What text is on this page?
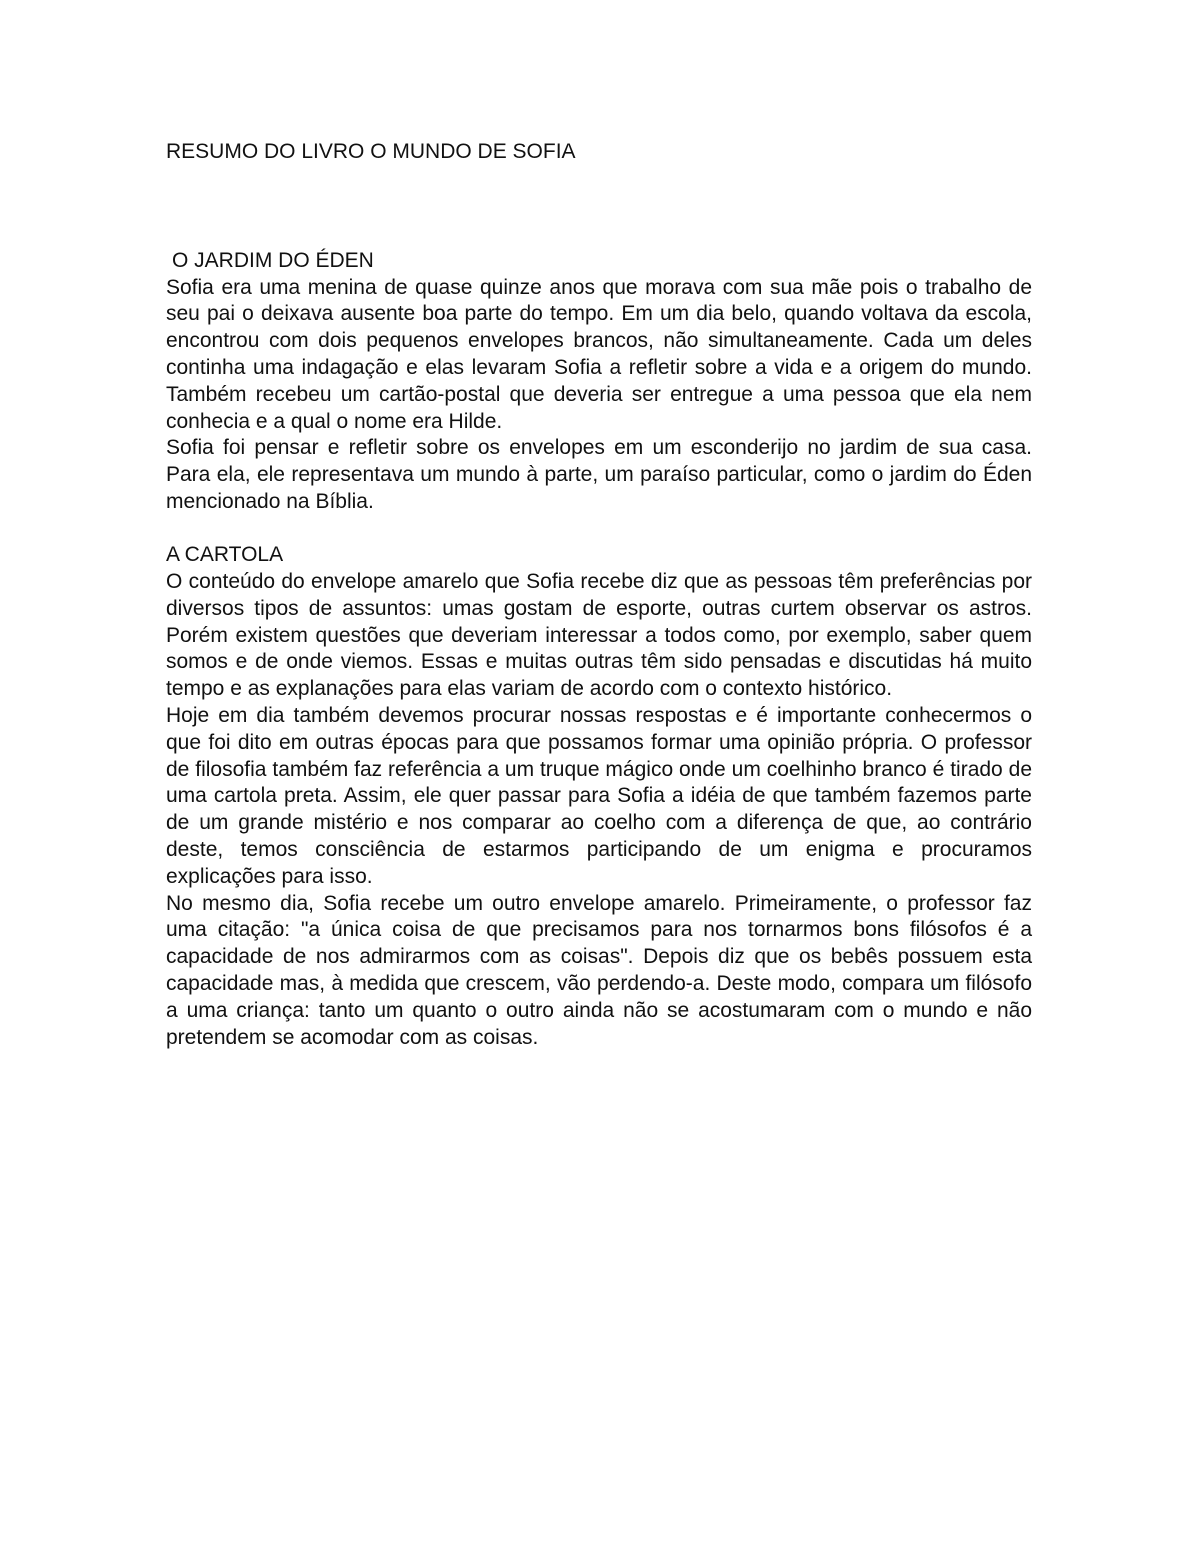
RESUMO DO LIVRO O MUNDO DE SOFIA
O JARDIM DO ÉDEN

Sofia era uma menina de quase quinze anos que morava com sua mãe pois o trabalho de seu pai o deixava ausente boa parte do tempo. Em um dia belo, quando voltava da escola, encontrou com dois pequenos envelopes brancos, não simultaneamente. Cada um deles continha uma indagação e elas levaram Sofia a refletir sobre a vida e a origem do mundo. Também recebeu um cartão-postal que deveria ser entregue a uma pessoa que ela nem conhecia e a qual o nome era Hilde.

Sofia foi pensar e refletir sobre os envelopes em um esconderijo no jardim de sua casa. Para ela, ele representava um mundo à parte, um paraíso particular, como o jardim do Éden mencionado na Bíblia.

A CARTOLA

O conteúdo do envelope amarelo que Sofia recebe diz que as pessoas têm preferências por diversos tipos de assuntos: umas gostam de esporte, outras curtem observar os astros. Porém existem questões que deveriam interessar a todos como, por exemplo, saber quem somos e de onde viemos. Essas e muitas outras têm sido pensadas e discutidas há muito tempo e as explanações para elas variam de acordo com o contexto histórico.

Hoje em dia também devemos procurar nossas respostas e é importante conhecermos o que foi dito em outras épocas para que possamos formar uma opinião própria. O professor de filosofia também faz referência a um truque mágico onde um coelhinho branco é tirado de uma cartola preta. Assim, ele quer passar para Sofia a idéia de que também fazemos parte de um grande mistério e nos comparar ao coelho com a diferença de que, ao contrário deste, temos consciência de estarmos participando de um enigma e procuramos explicações para isso.

No mesmo dia, Sofia recebe um outro envelope amarelo. Primeiramente, o professor faz uma citação: "a única coisa de que precisamos para nos tornarmos bons filósofos é a capacidade de nos admirarmos com as coisas". Depois diz que os bebês possuem esta capacidade mas, à medida que crescem, vão perdendo-a. Deste modo, compara um filósofo a uma criança: tanto um quanto o outro ainda não se acostumaram com o mundo e não pretendem se acomodar com as coisas.
